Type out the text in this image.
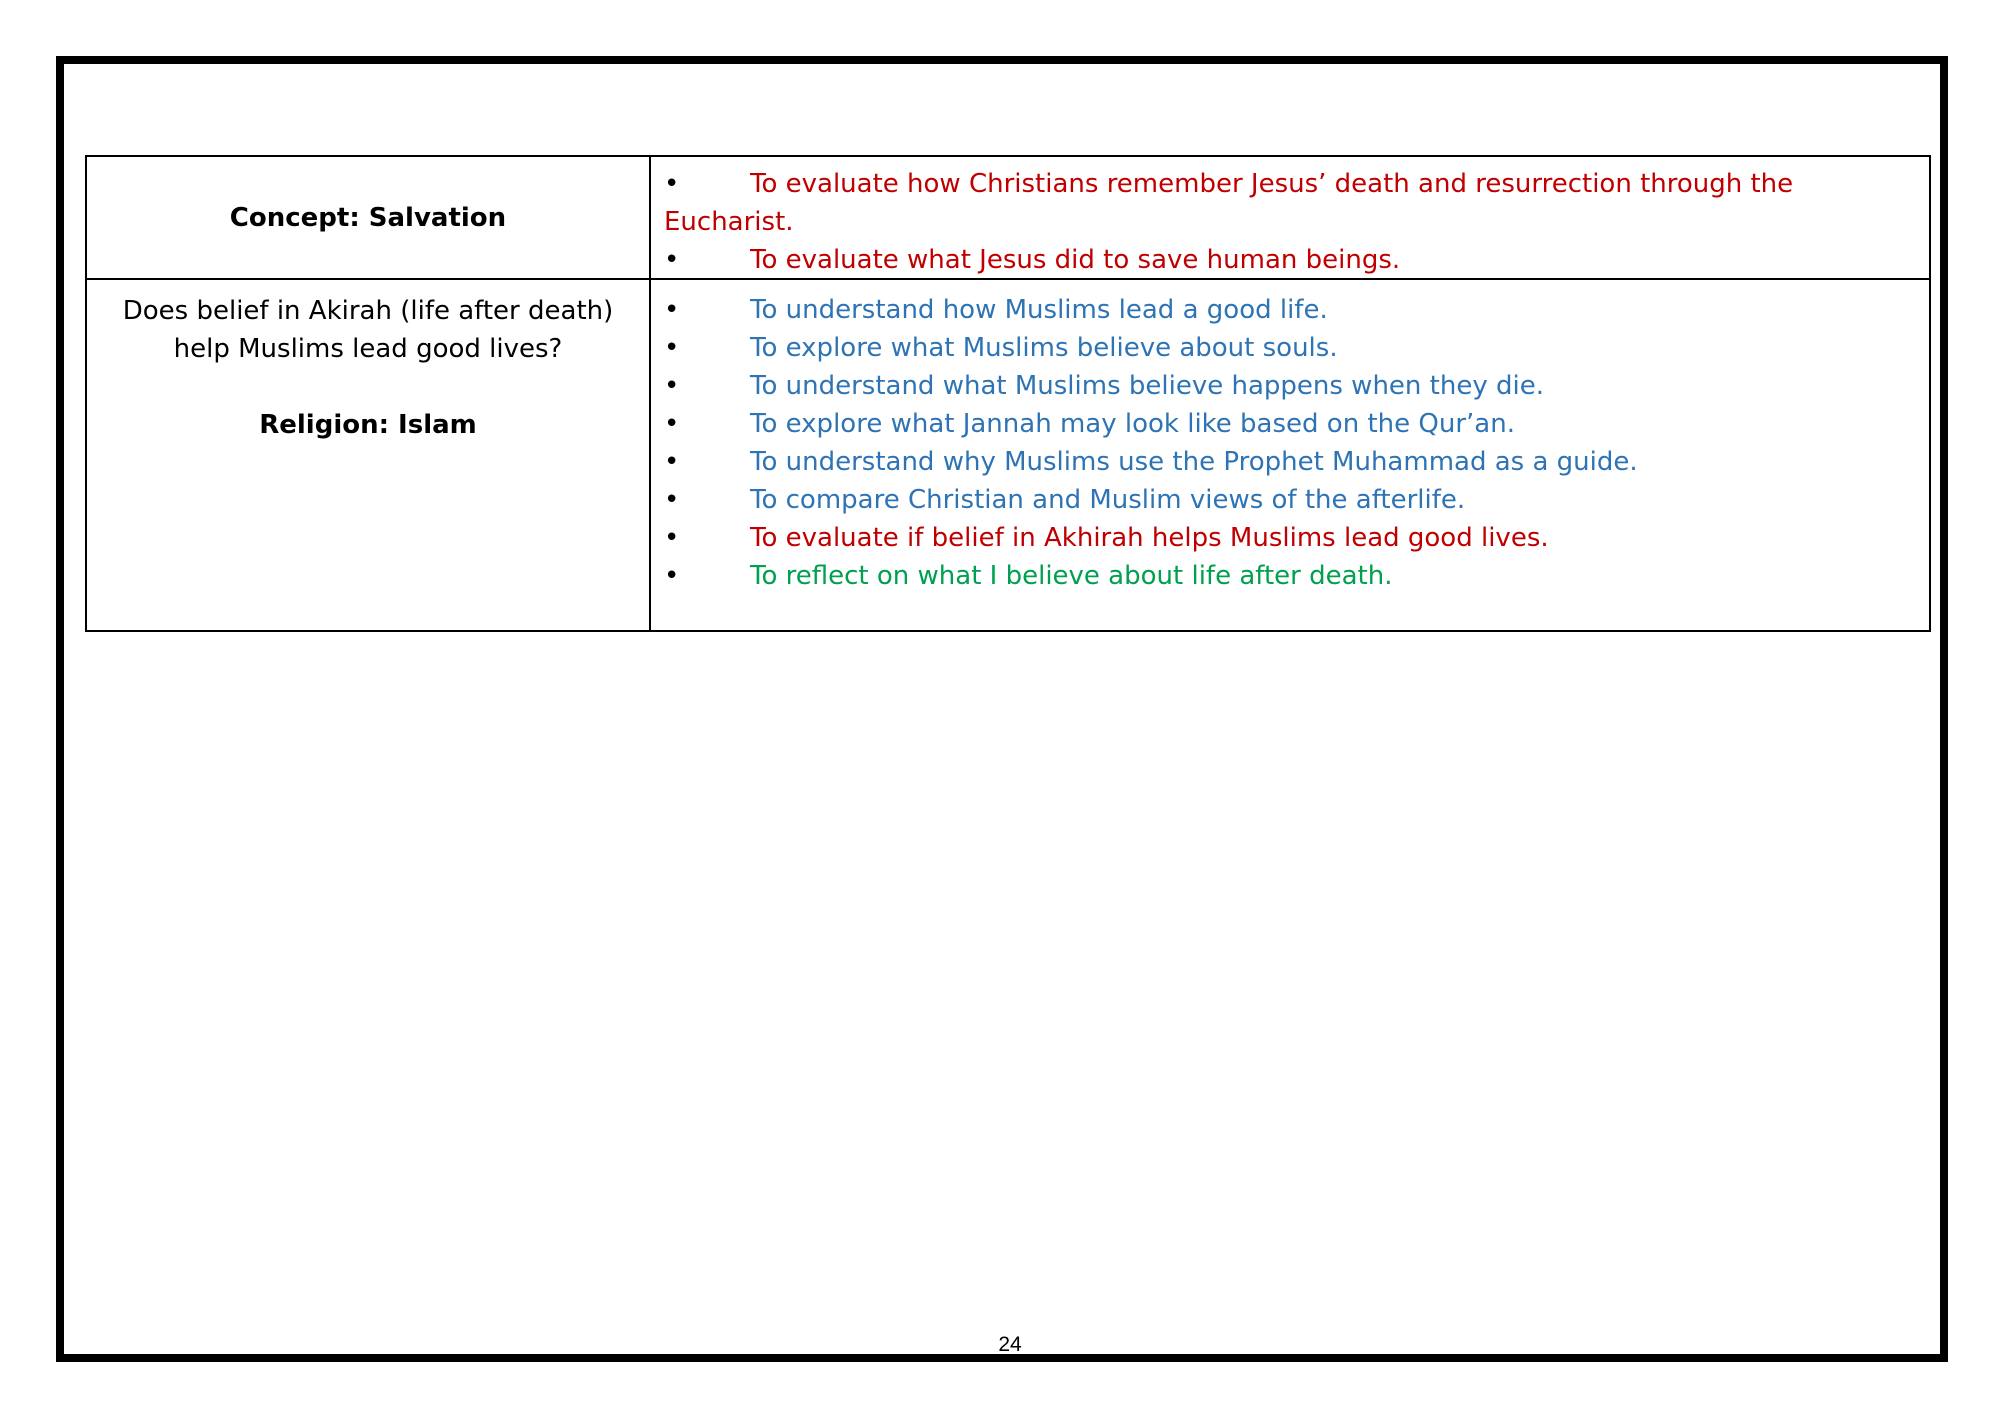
Concept: Salvation
•	To evaluate how Christians remember Jesus’ death and resurrection through the Eucharist.
•	To evaluate what Jesus did to save human beings.
Does belief in Akirah (life after death) help Muslims lead good lives?
Religion: Islam
•	To understand how Muslims lead a good life.
•	To explore what Muslims believe about souls.
•	To understand what Muslims believe happens when they die.
•	To explore what Jannah may look like based on the Qur’an.
•	To understand why Muslims use the Prophet Muhammad as a guide.
•	To compare Christian and Muslim views of the afterlife.
•	To evaluate if belief in Akhirah helps Muslims lead good lives.
•	To reflect on what I believe about life after death.
24
